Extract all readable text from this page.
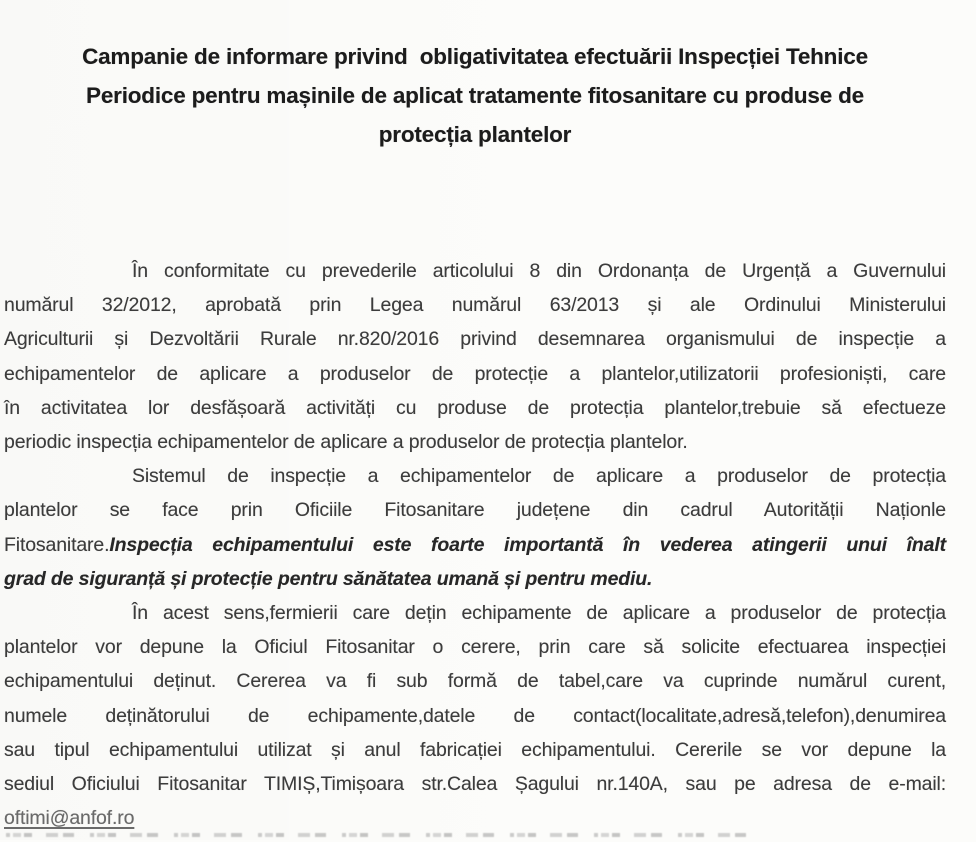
Campanie de informare privind  obligativitatea efectuării Inspecției Tehnice
Periodice pentru mașinile de aplicat tratamente fitosanitare cu produse de
protecția plantelor
În conformitate cu prevederile articolului 8 din Ordonanța de Urgență a Guvernului
numărul 32/2012, aprobată prin Legea numărul 63/2013 și ale Ordinului Ministerului
Agriculturii și Dezvoltării Rurale nr.820/2016 privind desemnarea organismului de inspecție a
echipamentelor de aplicare a produselor de protecție a plantelor,utilizatorii profesioniști, care
în activitatea lor desfășoară activități cu produse de protecția plantelor,trebuie să efectueze
periodic inspecția echipamentelor de aplicare a produselor de protecția plantelor.
Sistemul de inspecție a echipamentelor de aplicare a produselor de protecția
plantelor se face prin Oficiile Fitosanitare județene din cadrul Autorității Naționle
Fitosanitare.Inspecția echipamentului este foarte importantă în vederea atingerii unui înalt
grad de siguranță și protecție pentru sănătatea umană și pentru mediu.
În acest sens,fermierii care dețin echipamente de aplicare a produselor de protecția
plantelor vor depune la Oficiul Fitosanitar o cerere, prin care să solicite efectuarea inspecției
echipamentului deținut. Cererea va fi sub formă de tabel,care va cuprinde numărul curent,
numele deținătorului de echipamente,datele de contact(localitate,adresă,telefon),denumirea
sau tipul echipamentului utilizat și anul fabricației echipamentului. Cererile se vor depune la
sediul Oficiului Fitosanitar TIMIȘ,Timișoara str.Calea Șagului nr.140A, sau pe adresa de e-mail:
oftimi@anfof.ro
